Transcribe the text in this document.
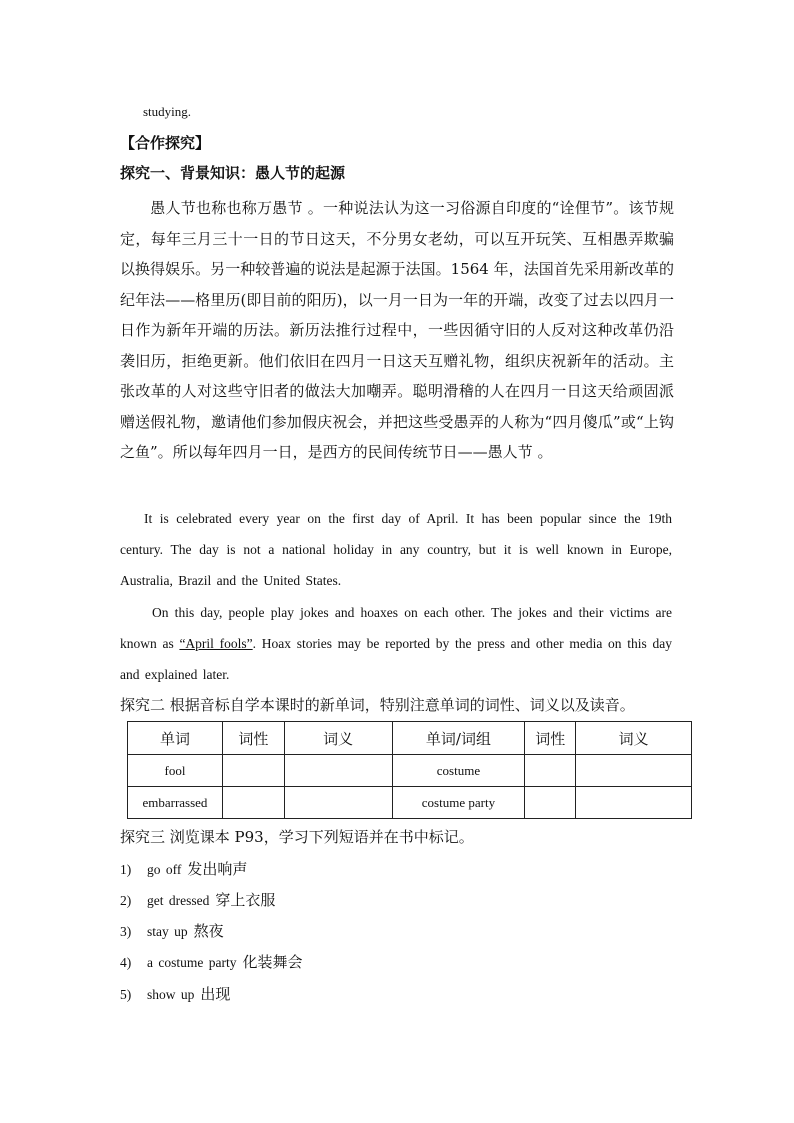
studying.
【合作探究】
探究一、背景知识：愚人节的起源
愚人节也称也称万愚节 。一种说法认为这一习俗源自印度的“诠俚节”。该节规定，每年三月三十一日的节日这天，不分男女老幼，可以互开玩笑、互相愚弄欺骗以换得娱乐。另一种较普遍的说法是起源于法国。1564 年，法国首先采用新改革的纪年法——格里历(即目前的阳历)，以一月一日为一年的开端，改变了过去以四月一日作为新年开端的历法。新历法推行过程中，一些因循守旧的人反对这种改革仍沿袭旧历，拒绝更新。他们依旧在四月一日这天互赠礼物，组织庆祝新年的活动。主张改革的人对这些守旧者的做法大加嘲弄。聪明滑稽的人在四月一日这天给顽固派赠送假礼物，邀请他们参加假庆祝会，并把这些受愚弄的人称为“四月傻瓜”或“上钩之鱼”。所以每年四月一日，是西方的民间传统节日——愚人节 。
It is celebrated every year on the first day of April. It has been popular since the 19th century. The day is not a national holiday in any country, but it is well known in Europe, Australia, Brazil and the United States.
On this day, people play jokes and hoaxes on each other. The jokes and their victims are known as “April fools”. Hoax stories may be reported by the press and other media on this day and explained later.
探究二 根据音标自学本课时的新单词，特别注意单词的词性、词义以及读音。
单词	词性	词义	单词/词组	词性	词义
fool			costume		
embarrassed			costume party		
探究三 浏览课本 P93，学习下列短语并在书中标记。
1) go off 发出响声
2) get dressed 穿上衣服
3) stay up 熬夜
4) a costume party 化装舞会
5) show up 出现
